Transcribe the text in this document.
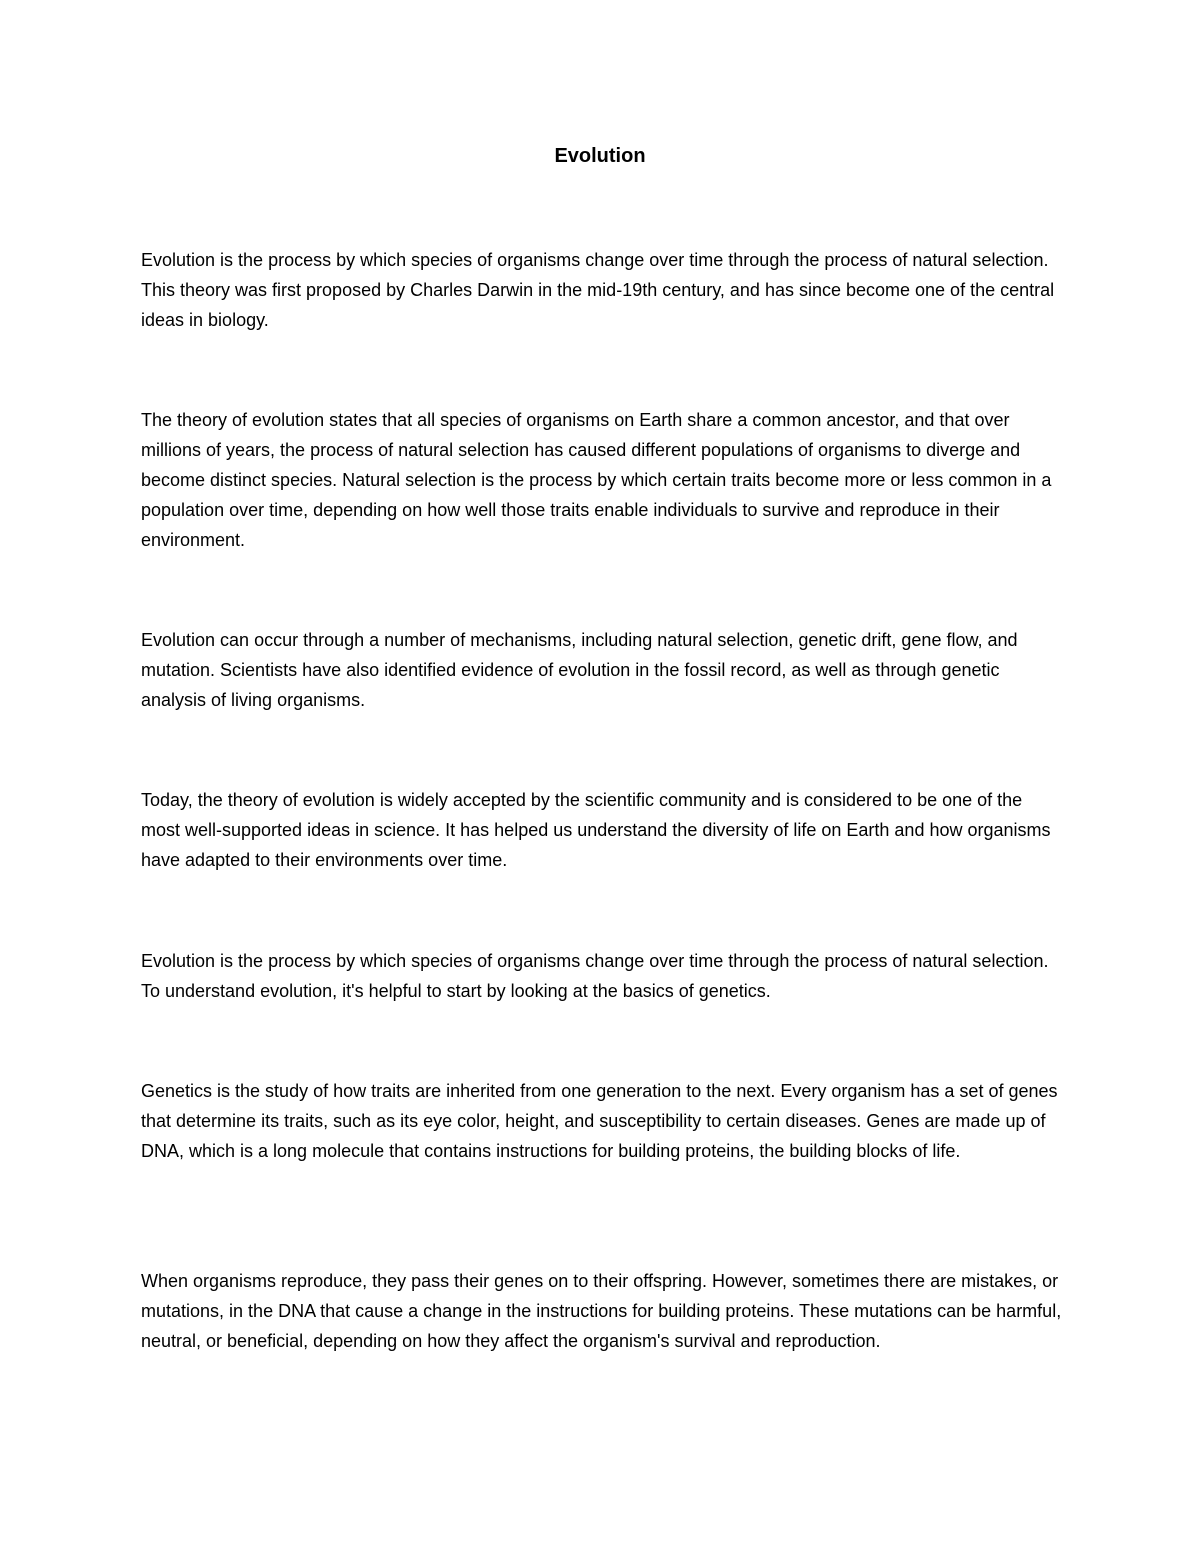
Evolution

Evolution is the process by which species of organisms change over time through the process of natural selection. This theory was first proposed by Charles Darwin in the mid-19th century, and has since become one of the central ideas in biology.

The theory of evolution states that all species of organisms on Earth share a common ancestor, and that over millions of years, the process of natural selection has caused different populations of organisms to diverge and become distinct species. Natural selection is the process by which certain traits become more or less common in a population over time, depending on how well those traits enable individuals to survive and reproduce in their environment.

Evolution can occur through a number of mechanisms, including natural selection, genetic drift, gene flow, and mutation. Scientists have also identified evidence of evolution in the fossil record, as well as through genetic analysis of living organisms.

Today, the theory of evolution is widely accepted by the scientific community and is considered to be one of the most well-supported ideas in science. It has helped us understand the diversity of life on Earth and how organisms have adapted to their environments over time.

Evolution is the process by which species of organisms change over time through the process of natural selection. To understand evolution, it's helpful to start by looking at the basics of genetics.

Genetics is the study of how traits are inherited from one generation to the next. Every organism has a set of genes that determine its traits, such as its eye color, height, and susceptibility to certain diseases. Genes are made up of DNA, which is a long molecule that contains instructions for building proteins, the building blocks of life.

When organisms reproduce, they pass their genes on to their offspring. However, sometimes there are mistakes, or mutations, in the DNA that cause a change in the instructions for building proteins. These mutations can be harmful, neutral, or beneficial, depending on how they affect the organism's survival and reproduction.
